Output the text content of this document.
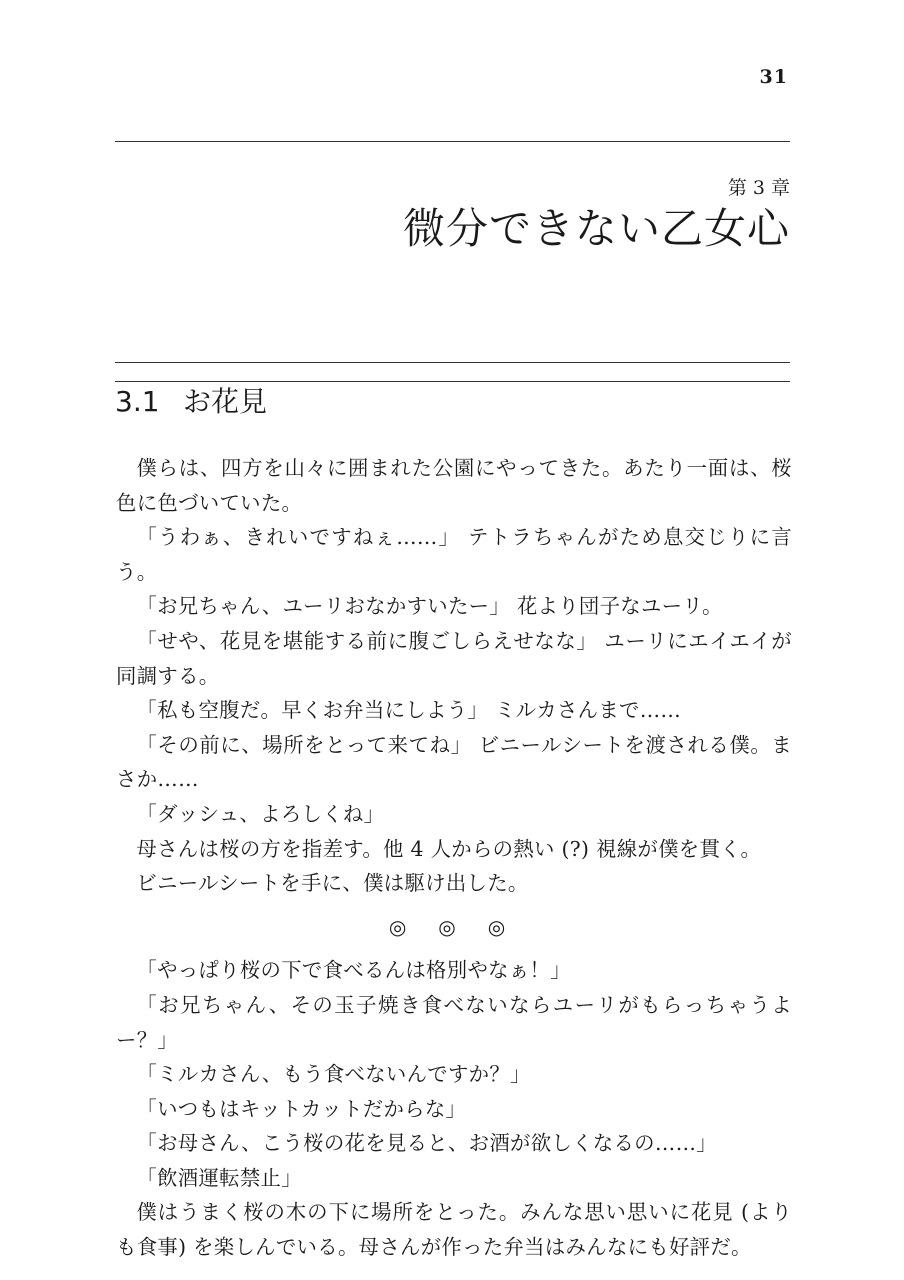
31
第 3 章
微分できない乙女心
3.1 お花見

僕らは、四方を山々に囲まれた公園にやってきた。あたり一面は、桜色に色づいていた。

「うわぁ、きれいですねぇ……」 テトラちゃんがため息交じりに言う。

「お兄ちゃん、ユーリおなかすいたー」 花より団子なユーリ。

「せや、花見を堪能する前に腹ごしらえせなな」 ユーリにエイエイが同調する。

「私も空腹だ。早くお弁当にしよう」 ミルカさんまで……

「その前に、場所をとって来てね」 ビニールシートを渡される僕。まさか……

「ダッシュ、よろしくね」

母さんは桜の方を指差す。他 4 人からの熱い (?) 視線が僕を貫く。

ビニールシートを手に、僕は駆け出した。

◎ ◎ ◎

「やっぱり桜の下で食べるんは格別やなぁ！」

「お兄ちゃん、その玉子焼き食べないならユーリがもらっちゃうよー？」

「ミルカさん、もう食べないんですか？」

「いつもはキットカットだからな」

「お母さん、こう桜の花を見ると、お酒が欲しくなるの……」

「飲酒運転禁止」

僕はうまく桜の木の下に場所をとった。みんな思い思いに花見 (よりも食事) を楽しんでいる。母さんが作った弁当はみんなにも好評だ。
